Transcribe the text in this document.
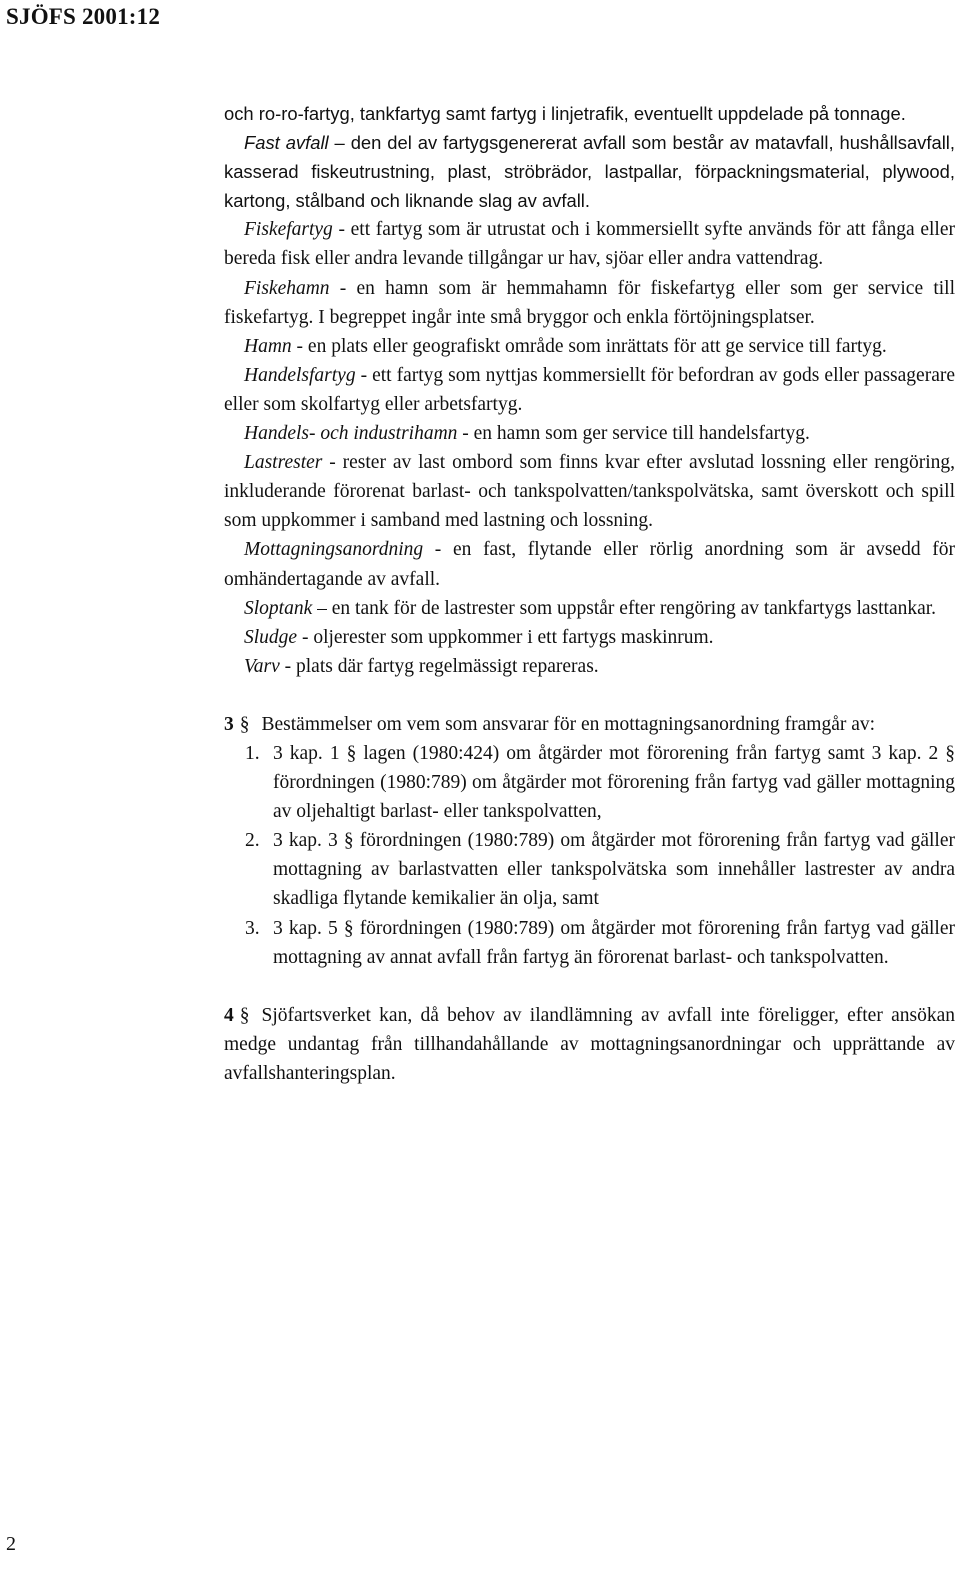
SJÖFS 2001:12

och ro-ro-fartyg, tankfartyg samt fartyg i linjetrafik, eventuellt uppdelade på tonnage.

Fast avfall – den del av fartygsgenererat avfall som består av matavfall, hushållsavfall, kasserad fiskeutrustning, plast, ströbrädor, lastpallar, förpackningsmaterial, plywood, kartong, stålband och liknande slag av avfall.

Fiskefartyg - ett fartyg som är utrustat och i kommersiellt syfte används för att fånga eller bereda fisk eller andra levande tillgångar ur hav, sjöar eller andra vattendrag.

Fiskehamn - en hamn som är hemmahamn för fiskefartyg eller som ger service till fiskefartyg. I begreppet ingår inte små bryggor och enkla förtöjningsplatser.

Hamn - en plats eller geografiskt område som inrättats för att ge service till fartyg.

Handelsfartyg - ett fartyg som nyttjas kommersiellt för befordran av gods eller passagerare eller som skolfartyg eller arbetsfartyg.

Handels- och industrihamn - en hamn som ger service till handelsfartyg.

Lastrester - rester av last ombord som finns kvar efter avslutad lossning eller rengöring, inkluderande förorenat barlast- och tankspolvatten/tankspolvätska, samt överskott och spill som uppkommer i samband med lastning och lossning.

Mottagningsanordning - en fast, flytande eller rörlig anordning som är avsedd för omhändertagande av avfall.

Sloptank – en tank för de lastrester som uppstår efter rengöring av tankfartygs lasttankar.

Sludge - oljerester som uppkommer i ett fartygs maskinrum.

Varv - plats där fartyg regelmässigt repareras.

3 § Bestämmelser om vem som ansvarar för en mottagningsanordning framgår av:

1. 3 kap. 1 § lagen (1980:424) om åtgärder mot förorening från fartyg samt 3 kap. 2 § förordningen (1980:789) om åtgärder mot förorening från fartyg vad gäller mottagning av oljehaltigt barlast- eller tankspolvatten,
2. 3 kap. 3 § förordningen (1980:789) om åtgärder mot förorening från fartyg vad gäller mottagning av barlastvatten eller tankspolvätska som innehåller lastrester av andra skadliga flytande kemikalier än olja, samt
3. 3 kap. 5 § förordningen (1980:789) om åtgärder mot förorening från fartyg vad gäller mottagning av annat avfall från fartyg än förorenat barlast- och tankspolvatten.

4 § Sjöfartsverket kan, då behov av ilandlämning av avfall inte föreligger, efter ansökan medge undantag från tillhandahållande av mottagningsanordningar och upprättande av avfallshanteringsplan.

2
